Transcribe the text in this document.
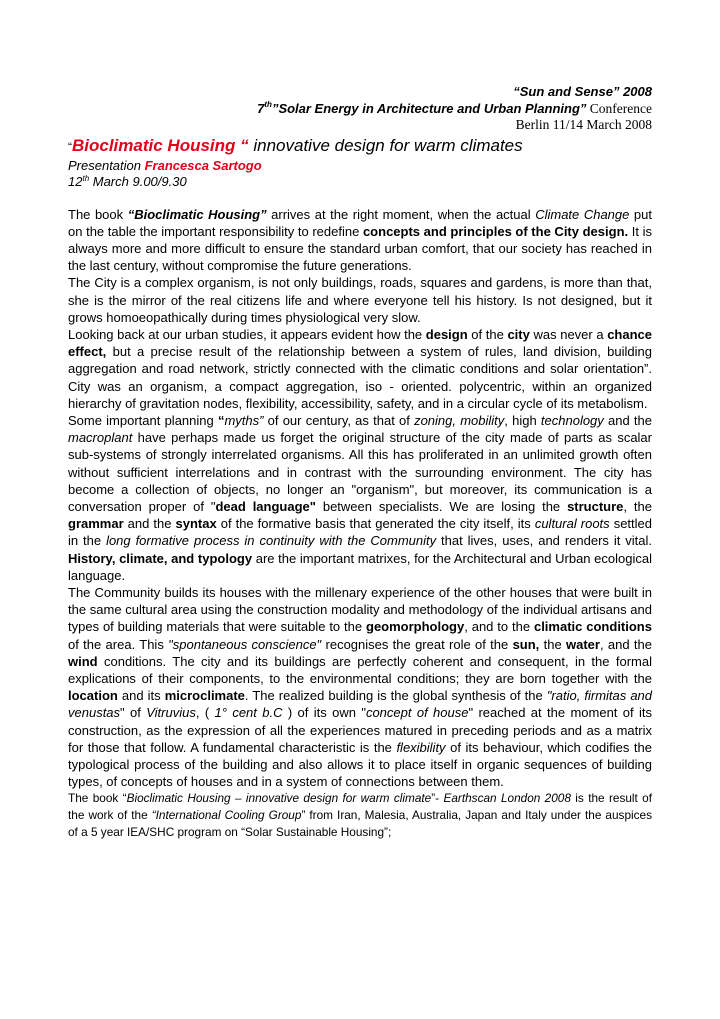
“Sun and Sense” 2008
7th”Solar Energy in Architecture and Urban Planning” Conference
Berlin 11/14 March 2008
“Bioclimatic Housing “ innovative design for warm climates
Presentation Francesca Sartogo
12th March 9.00/9.30

The book “Bioclimatic Housing” arrives at the right moment, when the actual Climate Change put on the table the important responsibility to redefine concepts and principles of the City design. It is always more and more difficult to ensure the standard urban comfort, that our society has reached in the last century, without compromise the future generations.

The City is a complex organism, is not only buildings, roads, squares and gardens, is more than that, she is the mirror of the real citizens life and where everyone tell his history. Is not designed, but it grows homoeopathically during times physiological very slow.

Looking back at our urban studies, it appears evident how the design of the city was never a chance effect, but a precise result of the relationship between a system of rules, land division, building aggregation and road network, strictly connected with the climatic conditions and solar orientation”. City was an organism, a compact aggregation, iso - oriented. polycentric, within an organized hierarchy of gravitation nodes, flexibility, accessibility, safety, and in a circular cycle of its metabolism.

Some important planning “myths” of our century, as that of zoning, mobility, high technology and the macroplant have perhaps made us forget the original structure of the city made of parts as scalar sub-systems of strongly interrelated organisms. All this has proliferated in an unlimited growth often without sufficient interrelations and in contrast with the surrounding environment. The city has become a collection of objects, no longer an "organism", but moreover, its communication is a conversation proper of "dead language" between specialists. We are losing the structure, the grammar and the syntax of the formative basis that generated the city itself, its cultural roots settled in the long formative process in continuity with the Community that lives, uses, and renders it vital. History, climate, and typology are the important matrixes, for the Architectural and Urban ecological language.

The Community builds its houses with the millenary experience of the other houses that were built in the same cultural area using the construction modality and methodology of the individual artisans and types of building materials that were suitable to the geomorphology, and to the climatic conditions of the area. This "spontaneous conscience" recognises the great role of the sun, the water, and the wind conditions. The city and its buildings are perfectly coherent and consequent, in the formal explications of their components, to the environmental conditions; they are born together with the location and its microclimate. The realized building is the global synthesis of the "ratio, firmitas and venustas" of Vitruvius, ( 1° cent b.C ) of its own "concept of house" reached at the moment of its construction, as the expression of all the experiences matured in preceding periods and as a matrix for those that follow. A fundamental characteristic is the flexibility of its behaviour, which codifies the typological process of the building and also allows it to place itself in organic sequences of building types, of concepts of houses and in a system of connections between them.

The book “Bioclimatic Housing – innovative design for warm climate”- Earthscan London 2008 is the result of the work of the “International Cooling Group” from Iran, Malesia, Australia, Japan and Italy under the auspices of a 5 year IEA/SHC program on “Solar Sustainable Housing”;
